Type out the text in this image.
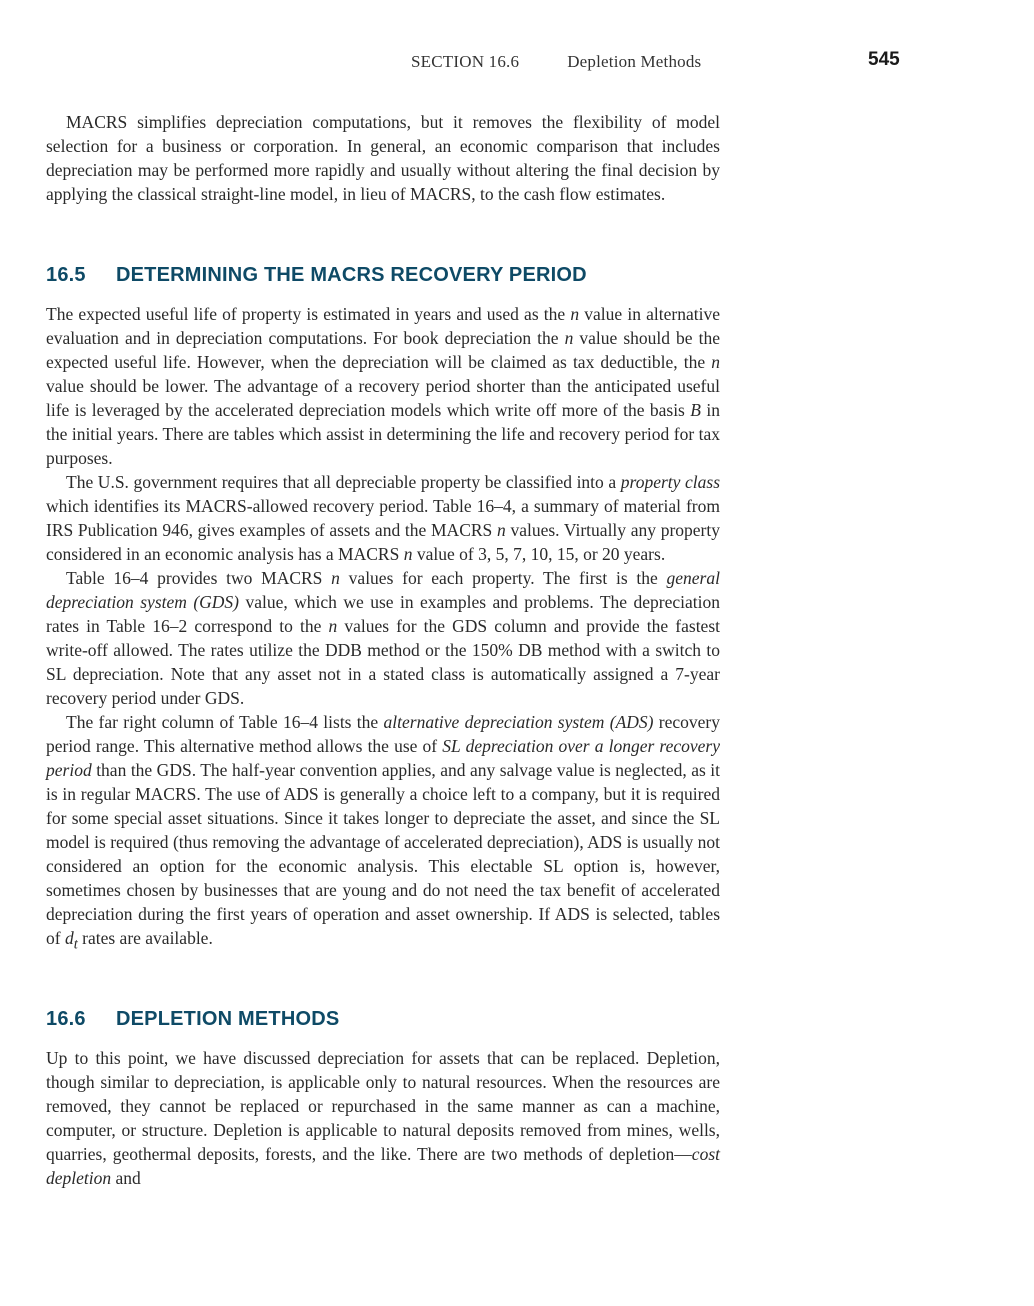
SECTION 16.6	Depletion Methods	545

MACRS simplifies depreciation computations, but it removes the flexibility of model selection for a business or corporation. In general, an economic comparison that includes depreciation may be performed more rapidly and usually without altering the final decision by applying the classical straight-line model, in lieu of MACRS, to the cash flow estimates.

16.5 DETERMINING THE MACRS RECOVERY PERIOD

The expected useful life of property is estimated in years and used as the n value in alternative evaluation and in depreciation computations. For book depreciation the n value should be the expected useful life. However, when the depreciation will be claimed as tax deductible, the n value should be lower. The advantage of a recovery period shorter than the anticipated useful life is leveraged by the accelerated depreciation models which write off more of the basis B in the initial years. There are tables which assist in determining the life and recovery period for tax purposes.

The U.S. government requires that all depreciable property be classified into a property class which identifies its MACRS-allowed recovery period. Table 16–4, a summary of material from IRS Publication 946, gives examples of assets and the MACRS n values. Virtually any property considered in an economic analysis has a MACRS n value of 3, 5, 7, 10, 15, or 20 years.

Table 16–4 provides two MACRS n values for each property. The first is the general depreciation system (GDS) value, which we use in examples and problems. The depreciation rates in Table 16–2 correspond to the n values for the GDS column and provide the fastest write-off allowed. The rates utilize the DDB method or the 150% DB method with a switch to SL depreciation. Note that any asset not in a stated class is automatically assigned a 7-year recovery period under GDS.

The far right column of Table 16–4 lists the alternative depreciation system (ADS) recovery period range. This alternative method allows the use of SL depreciation over a longer recovery period than the GDS. The half-year convention applies, and any salvage value is neglected, as it is in regular MACRS. The use of ADS is generally a choice left to a company, but it is required for some special asset situations. Since it takes longer to depreciate the asset, and since the SL model is required (thus removing the advantage of accelerated depreciation), ADS is usually not considered an option for the economic analysis. This electable SL option is, however, sometimes chosen by businesses that are young and do not need the tax benefit of accelerated depreciation during the first years of operation and asset ownership. If ADS is selected, tables of $d_t$ rates are available.

16.6 DEPLETION METHODS

Up to this point, we have discussed depreciation for assets that can be replaced. Depletion, though similar to depreciation, is applicable only to natural resources. When the resources are removed, they cannot be replaced or repurchased in the same manner as can a machine, computer, or structure. Depletion is applicable to natural deposits removed from mines, wells, quarries, geothermal deposits, forests, and the like. There are two methods of depletion—cost depletion and
